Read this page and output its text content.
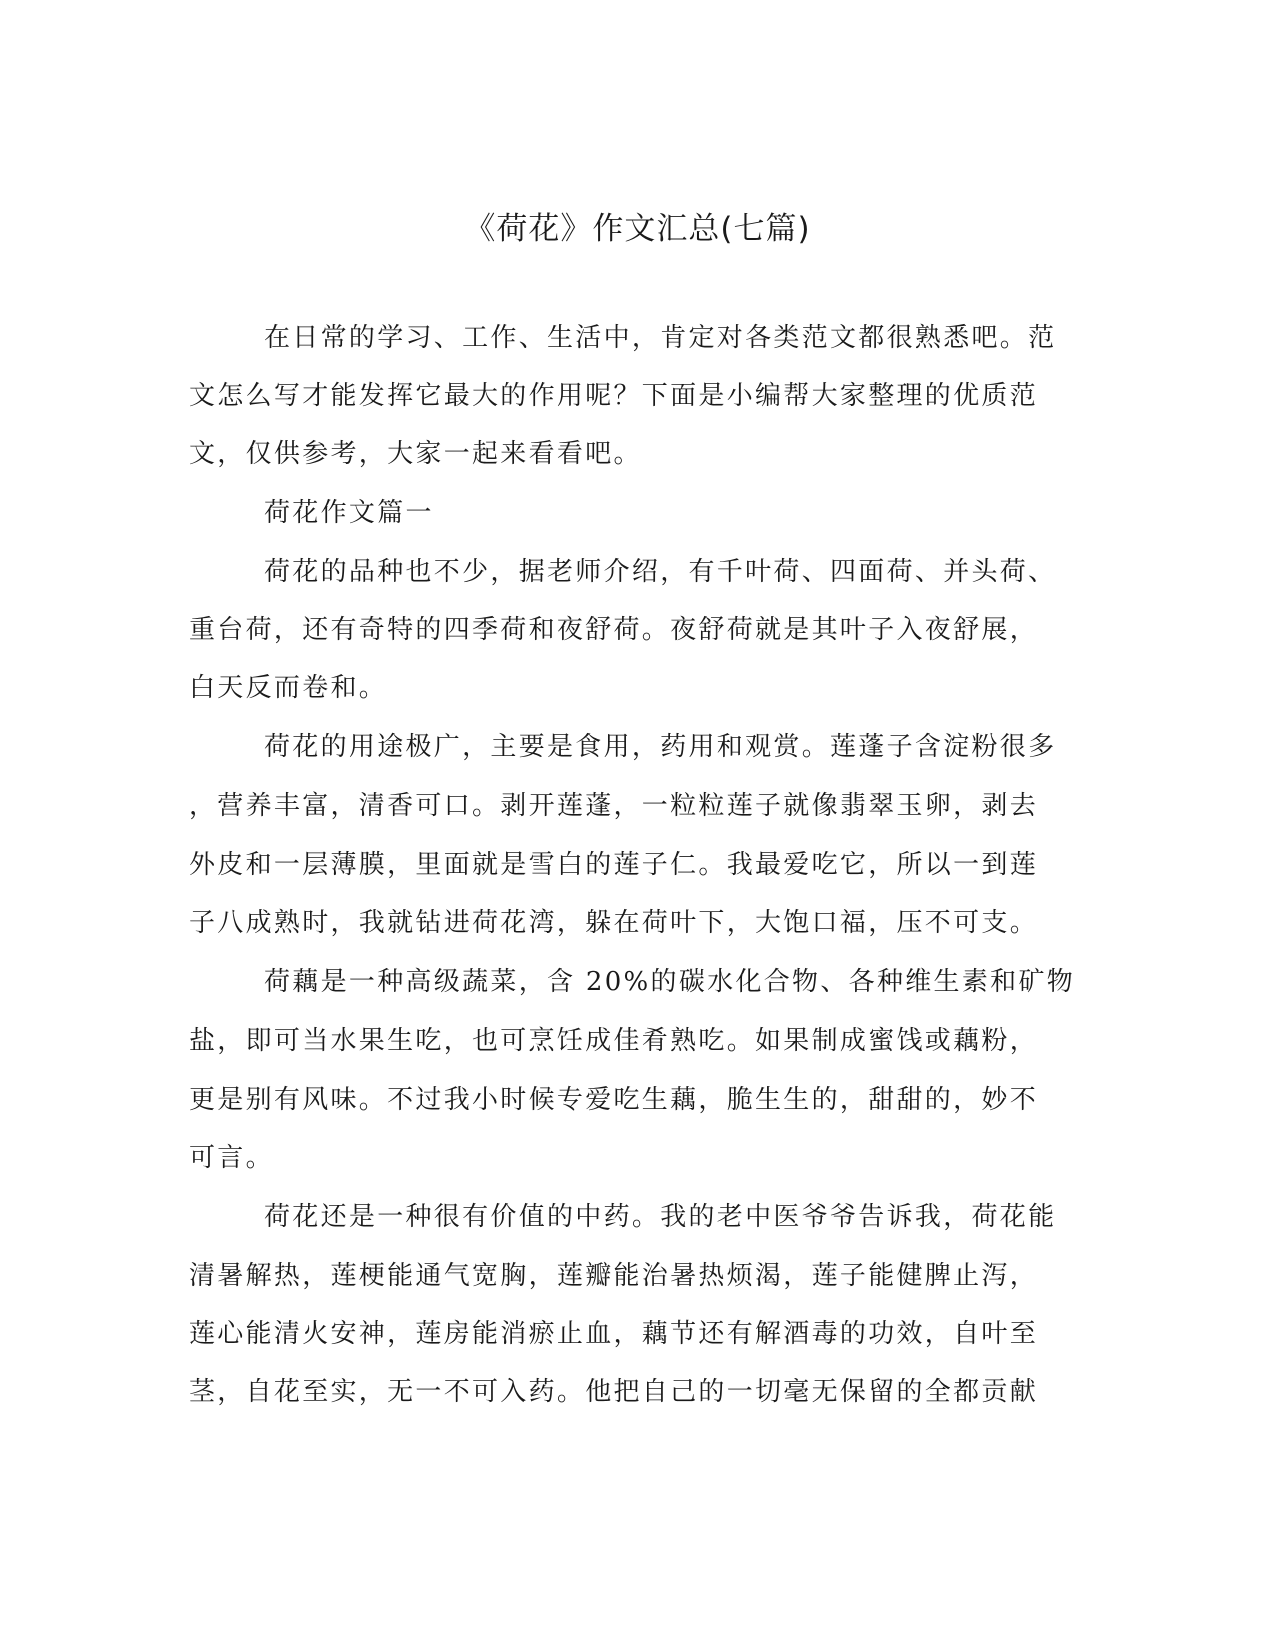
《荷花》作文汇总(七篇)

在日常的学习、工作、生活中，肯定对各类范文都很熟悉吧。范

文怎么写才能发挥它最大的作用呢？下面是小编帮大家整理的优质范

文，仅供参考，大家一起来看看吧。

荷花作文篇一

荷花的品种也不少，据老师介绍，有千叶荷、四面荷、并头荷、

重台荷，还有奇特的四季荷和夜舒荷。夜舒荷就是其叶子入夜舒展，

白天反而卷和。

荷花的用途极广，主要是食用，药用和观赏。莲蓬子含淀粉很多

，营养丰富，清香可口。剥开莲蓬，一粒粒莲子就像翡翠玉卵，剥去

外皮和一层薄膜，里面就是雪白的莲子仁。我最爱吃它，所以一到莲

子八成熟时，我就钻进荷花湾，躲在荷叶下，大饱口福，压不可支。

荷藕是一种高级蔬菜，含 20%的碳水化合物、各种维生素和矿物

盐，即可当水果生吃，也可烹饪成佳肴熟吃。如果制成蜜饯或藕粉，

更是别有风味。不过我小时候专爱吃生藕，脆生生的，甜甜的，妙不

可言。

荷花还是一种很有价值的中药。我的老中医爷爷告诉我，荷花能

清暑解热，莲梗能通气宽胸，莲瓣能治暑热烦渴，莲子能健脾止泻，

莲心能清火安神，莲房能消瘀止血，藕节还有解酒毒的功效，自叶至

茎，自花至实，无一不可入药。他把自己的一切毫无保留的全都贡献
